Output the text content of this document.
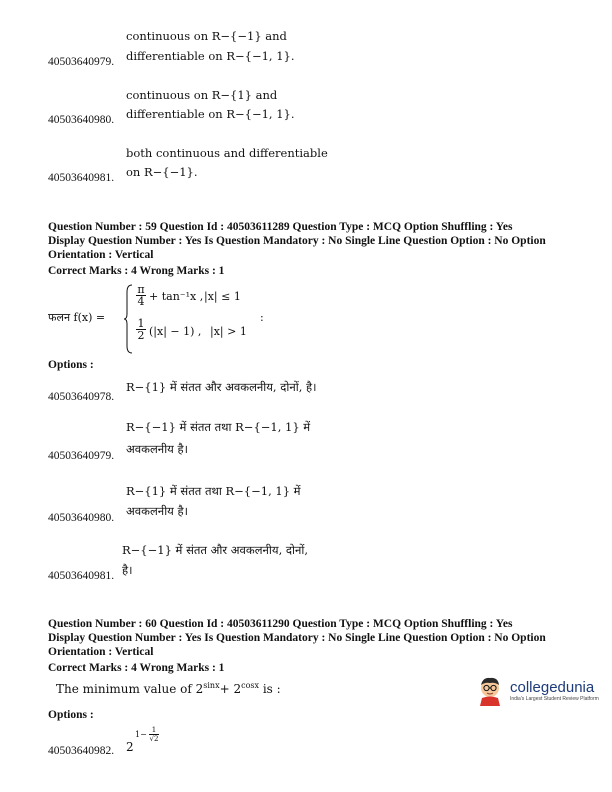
continuous on R−{−1} and
40503640979. differentiable on R−{−1, 1}.
continuous on R−{1} and
40503640980. differentiable on R−{−1, 1}.
both continuous and differentiable
40503640981. on R−{−1}.
Question Number : 59 Question Id : 40503611289 Question Type : MCQ Option Shuffling : Yes
Display Question Number : Yes Is Question Mandatory : No Single Line Question Option : No Option
Orientation : Vertical
Correct Marks : 4 Wrong Marks : 1
फलन f(x) =
$\frac{\pi}{4} + \tan^{-1}x$ , |x| ≤ 1
:
$\frac{1}{2} (|x| - 1)$ , |x| > 1
Options :
R−{1} में संतत और अवकलनीय, दोनों, है।
40503640978.
R−{−1} में संतत तथा R−{−1, 1} में
40503640979. अवकलनीय है।
R−{1} में संतत तथा R−{−1, 1} में
40503640980. अवकलनीय है।
R−{−1} में संतत और अवकलनीय, दोनों,
40503640981. है।
Question Number : 60 Question Id : 40503611290 Question Type : MCQ Option Shuffling : Yes
Display Question Number : Yes Is Question Mandatory : No Single Line Question Option : No Option
Orientation : Vertical
Correct Marks : 4 Wrong Marks : 1
The minimum value of $2^{sinx}+ 2^{cosx}$ is :
Options :
40503640982. 2
$1- \frac{1}{√2}$
collegedunia
India's Largest Student Review Platform
